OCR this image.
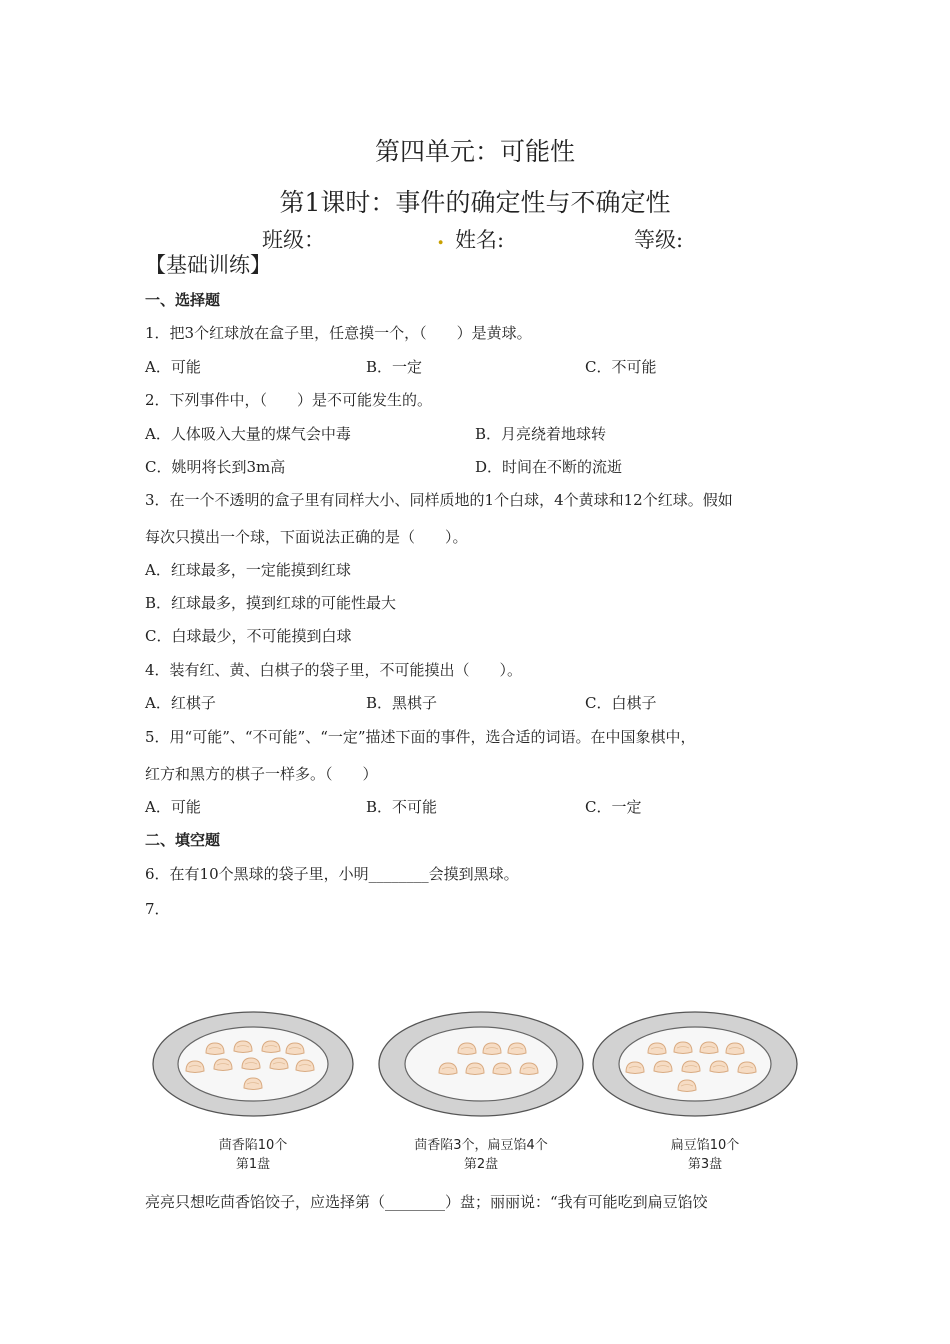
第四单元：可能性
第1课时：事件的确定性与不确定性
班级：	. 姓名:	等级:
【基础训练】
一、选择题
1．把3个红球放在盒子里，任意摸一个，（　　）是黄球。
A．可能	B．一定	C．不可能
2．下列事件中，（　　）是不可能发生的。
A．人体吸入大量的煤气会中毒	B．月亮绕着地球转
C．姚明将长到3m高	D．时间在不断的流逝
3．在一个不透明的盒子里有同样大小、同样质地的1个白球，4个黄球和12个红球。假如
每次只摸出一个球，下面说法正确的是（　　）。
A．红球最多，一定能摸到红球
B．红球最多，摸到红球的可能性最大
C．白球最少，不可能摸到白球
4．装有红、黄、白棋子的袋子里，不可能摸出（　　）。
A．红棋子	B．黑棋子	C．白棋子
5．用“可能”、“不可能”、“一定”描述下面的事件，选合适的词语。在中国象棋中，
红方和黑方的棋子一样多。（　　）
A．可能	B．不可能	C．一定
二、填空题
6．在有10个黑球的袋子里，小明________会摸到黑球。
7．
茴香陷10个
第1盘
茴香陷3个，扁豆馅4个
第2盘
扁豆馅10个
第3盘
亮亮只想吃茴香馅饺子，应选择第（________）盘；丽丽说：“我有可能吃到扁豆馅饺
